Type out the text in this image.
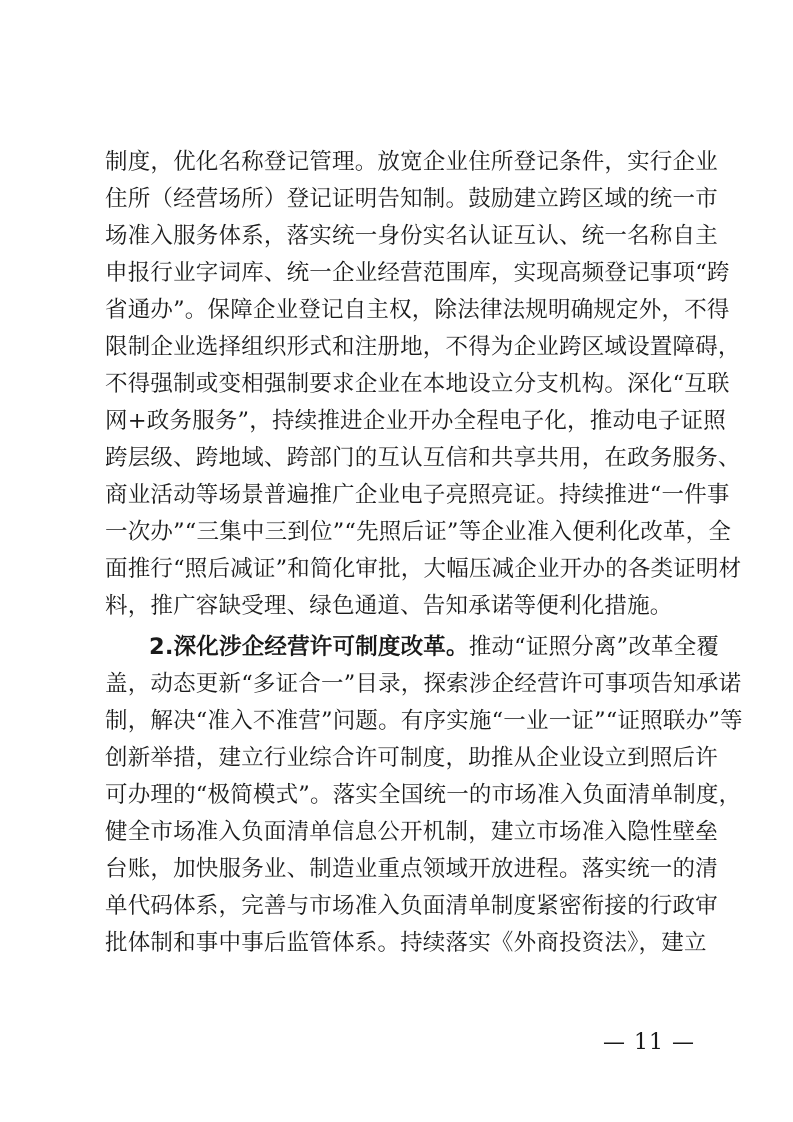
制度，优化名称登记管理。放宽企业住所登记条件，实行企业
住所（经营场所）登记证明告知制。鼓励建立跨区域的统一市
场准入服务体系，落实统一身份实名认证互认、统一名称自主
申报行业字词库、统一企业经营范围库，实现高频登记事项“跨
省通办”。保障企业登记自主权，除法律法规明确规定外，不得
限制企业选择组织形式和注册地，不得为企业跨区域设置障碍，
不得强制或变相强制要求企业在本地设立分支机构。深化“互联
网+政务服务”，持续推进企业开办全程电子化，推动电子证照
跨层级、跨地域、跨部门的互认互信和共享共用，在政务服务、
商业活动等场景普遍推广企业电子亮照亮证。持续推进“一件事
一次办”“三集中三到位”“先照后证”等企业准入便利化改革，全
面推行“照后减证”和简化审批，大幅压减企业开办的各类证明材
料，推广容缺受理、绿色通道、告知承诺等便利化措施。
2.深化涉企经营许可制度改革。推动“证照分离”改革全覆
盖，动态更新“多证合一”目录，探索涉企经营许可事项告知承诺
制，解决“准入不准营”问题。有序实施“一业一证”“证照联办”等
创新举措，建立行业综合许可制度，助推从企业设立到照后许
可办理的“极简模式”。落实全国统一的市场准入负面清单制度，
健全市场准入负面清单信息公开机制，建立市场准入隐性壁垒
台账，加快服务业、制造业重点领域开放进程。落实统一的清
单代码体系，完善与市场准入负面清单制度紧密衔接的行政审
批体制和事中事后监管体系。持续落实《外商投资法》，建立
— 11 —
